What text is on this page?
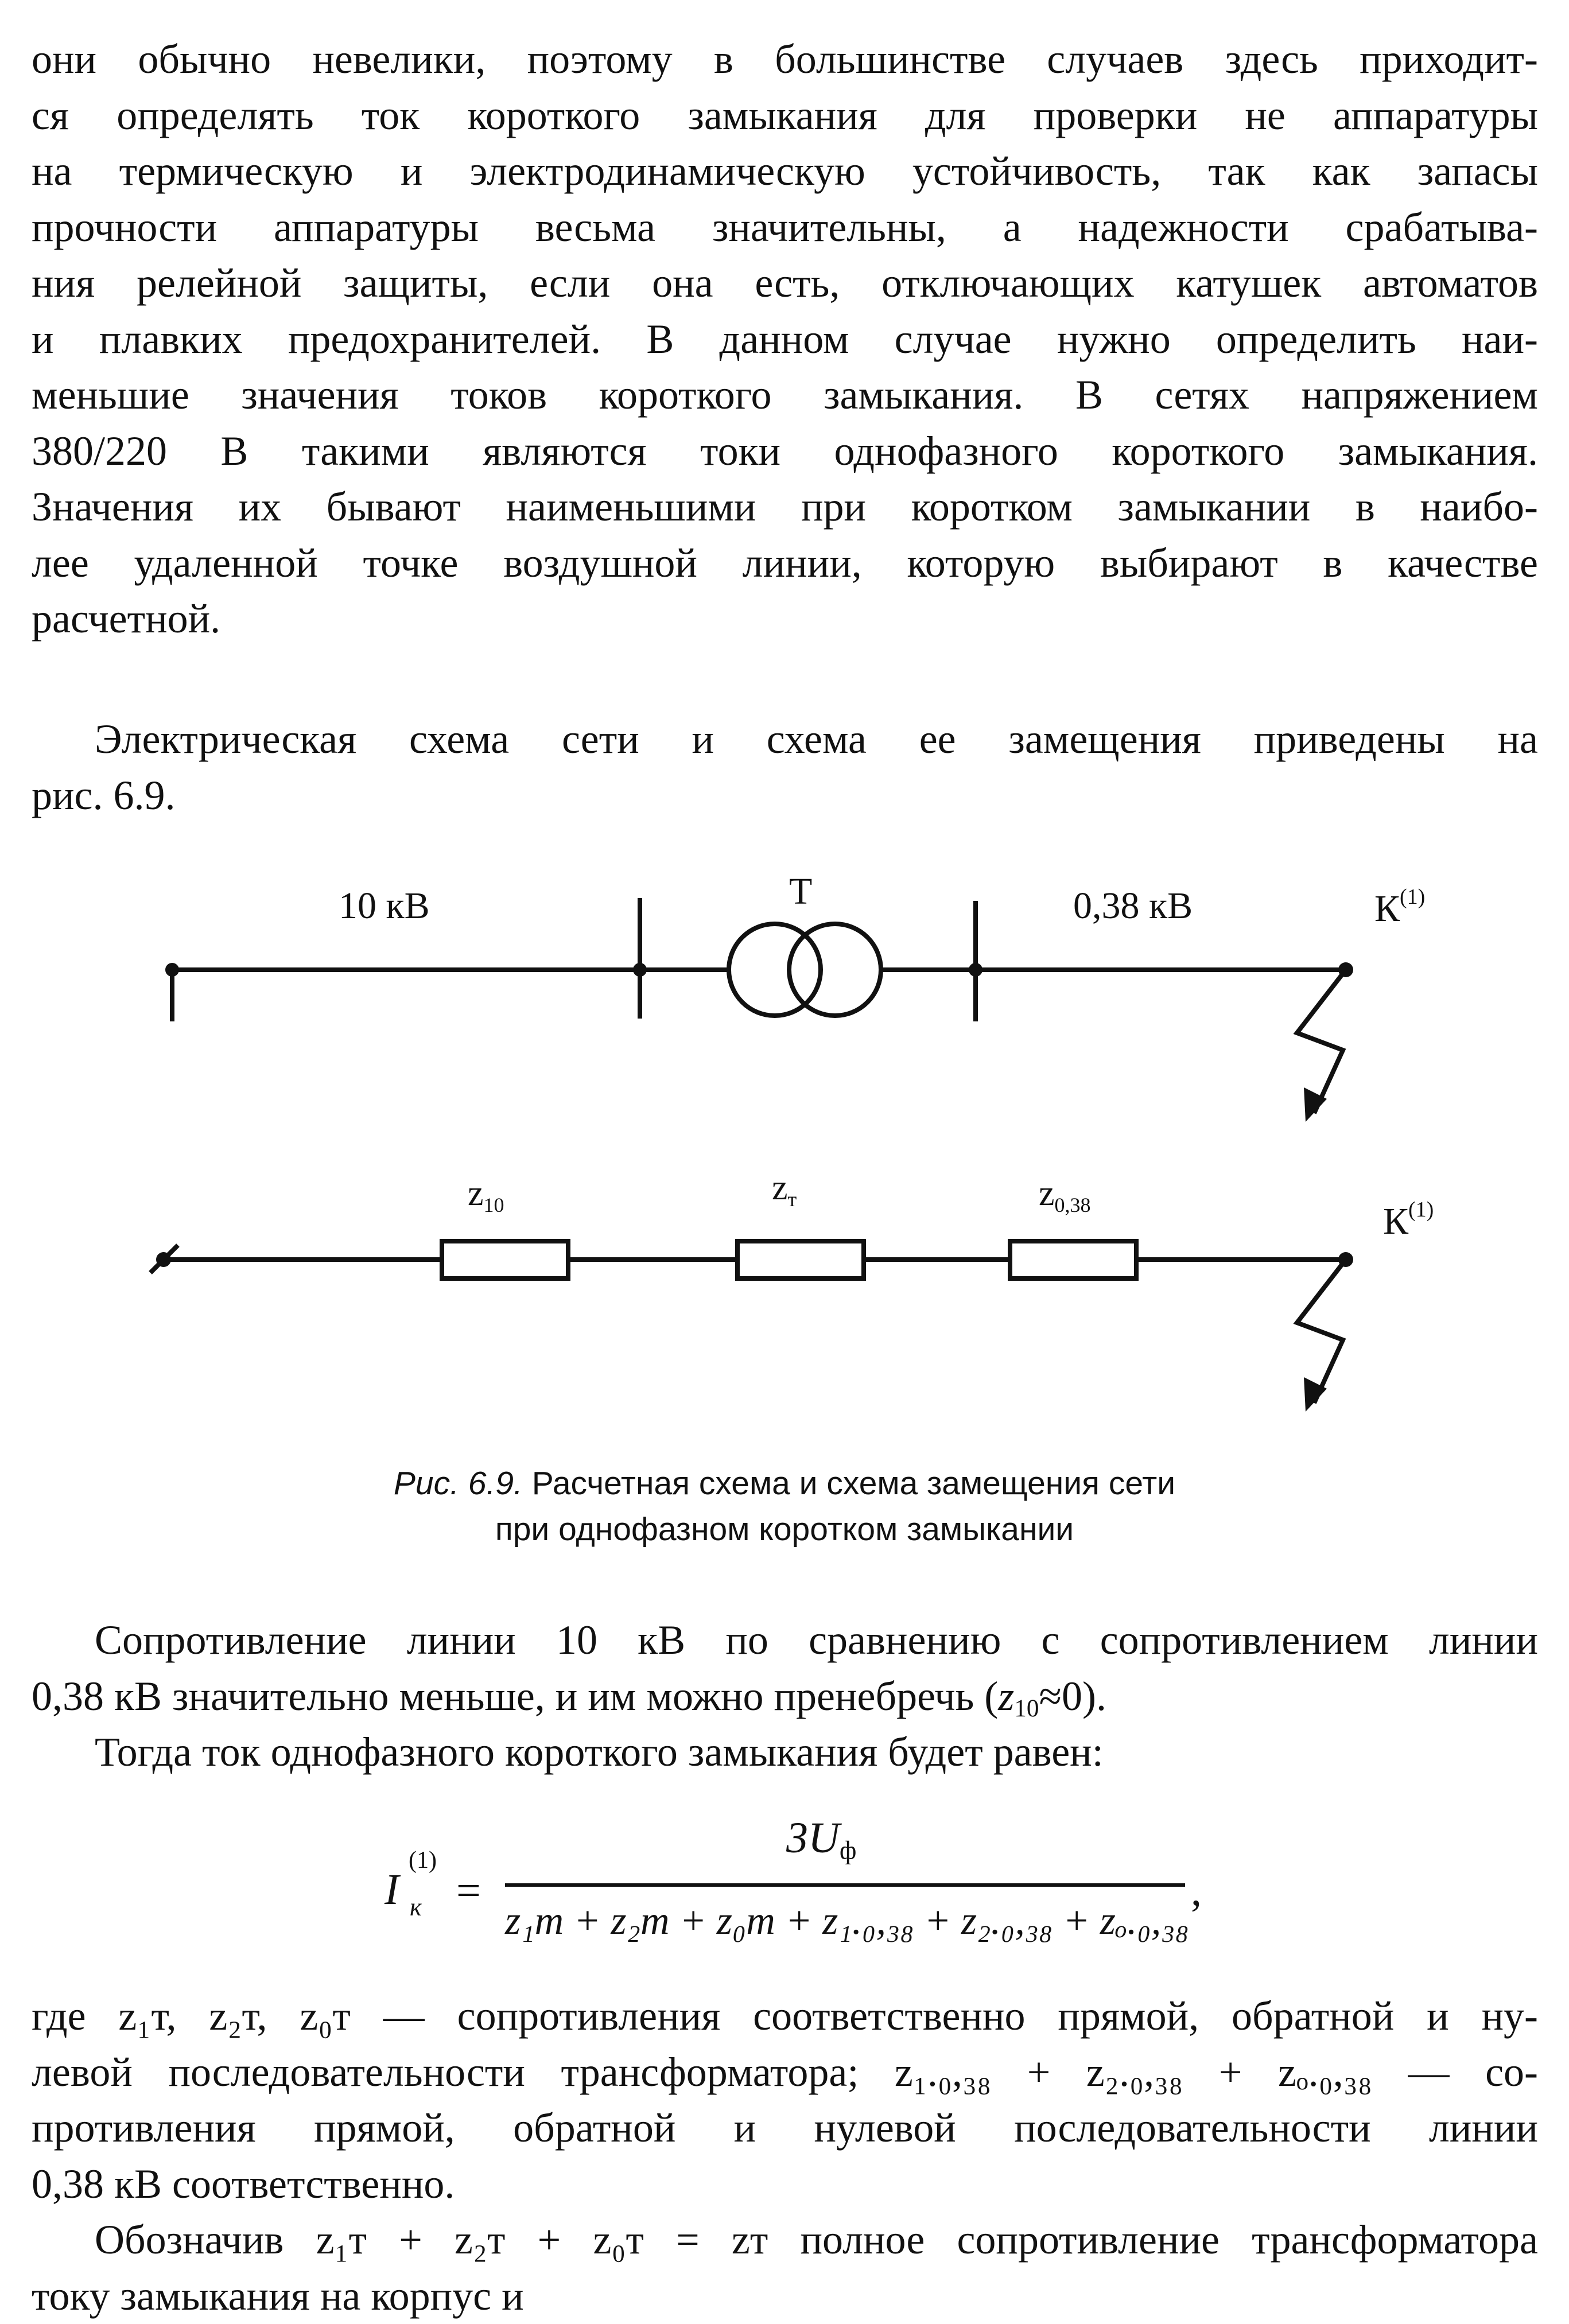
они обычно невелики, поэтому в большинстве случаев здесь приходит-
ся определять ток короткого замыкания для проверки не аппаратуры
на термическую и электродинамическую устойчивость, так как запасы
прочности аппаратуры весьма значительны, а надежности срабатыва-
ния релейной защиты, если она есть, отключающих катушек автоматов
и плавких предохранителей. В данном случае нужно определить наи-
меньшие значения токов короткого замыкания. В сетях напряжением
380/220 В такими являются токи однофазного короткого замыкания.
Значения их бывают наименьшими при коротком замыкании в наибо-
лее удаленной точке воздушной линии, которую выбирают в качестве
расчетной.
Электрическая схема сети и схема ее замещения приведены на
рис. 6.9.
10 кВ	Т	0,38 кВ	$К^{(1)}$
z10	zт	z0,38	$К^{(1)}$
Рис. 6.9. Расчетная схема и схема замещения сети
при однофазном коротком замыкании
Сопротивление линии 10 кВ по сравнению с сопротивлением линии
0,38 кВ значительно меньше, и им можно пренебречь $(z_{10}\approx 0)$.
Тогда ток однофазного короткого замыкания будет равен:
I
(1)
к =
$3U_ф$
z₁т + z₂т + z₀т + z₁.₀,₃₈ + z₂.₀,₃₈ + zₒ.₀,₃₈
,
где z₁т, z₂т, z₀т — сопротивления соответственно прямой, обратной и ну-
левой последовательности трансформатора; z₁.₀,₃₈ + z₂.₀,₃₈ + zₒ.₀,₃₈ — со-
противления прямой, обратной и нулевой последовательности линии
0,38 кВ соответственно.
Обозначив z₁т + z₂т + z₀т = zт полное сопротивление трансформатора
току замыкания на корпус и
